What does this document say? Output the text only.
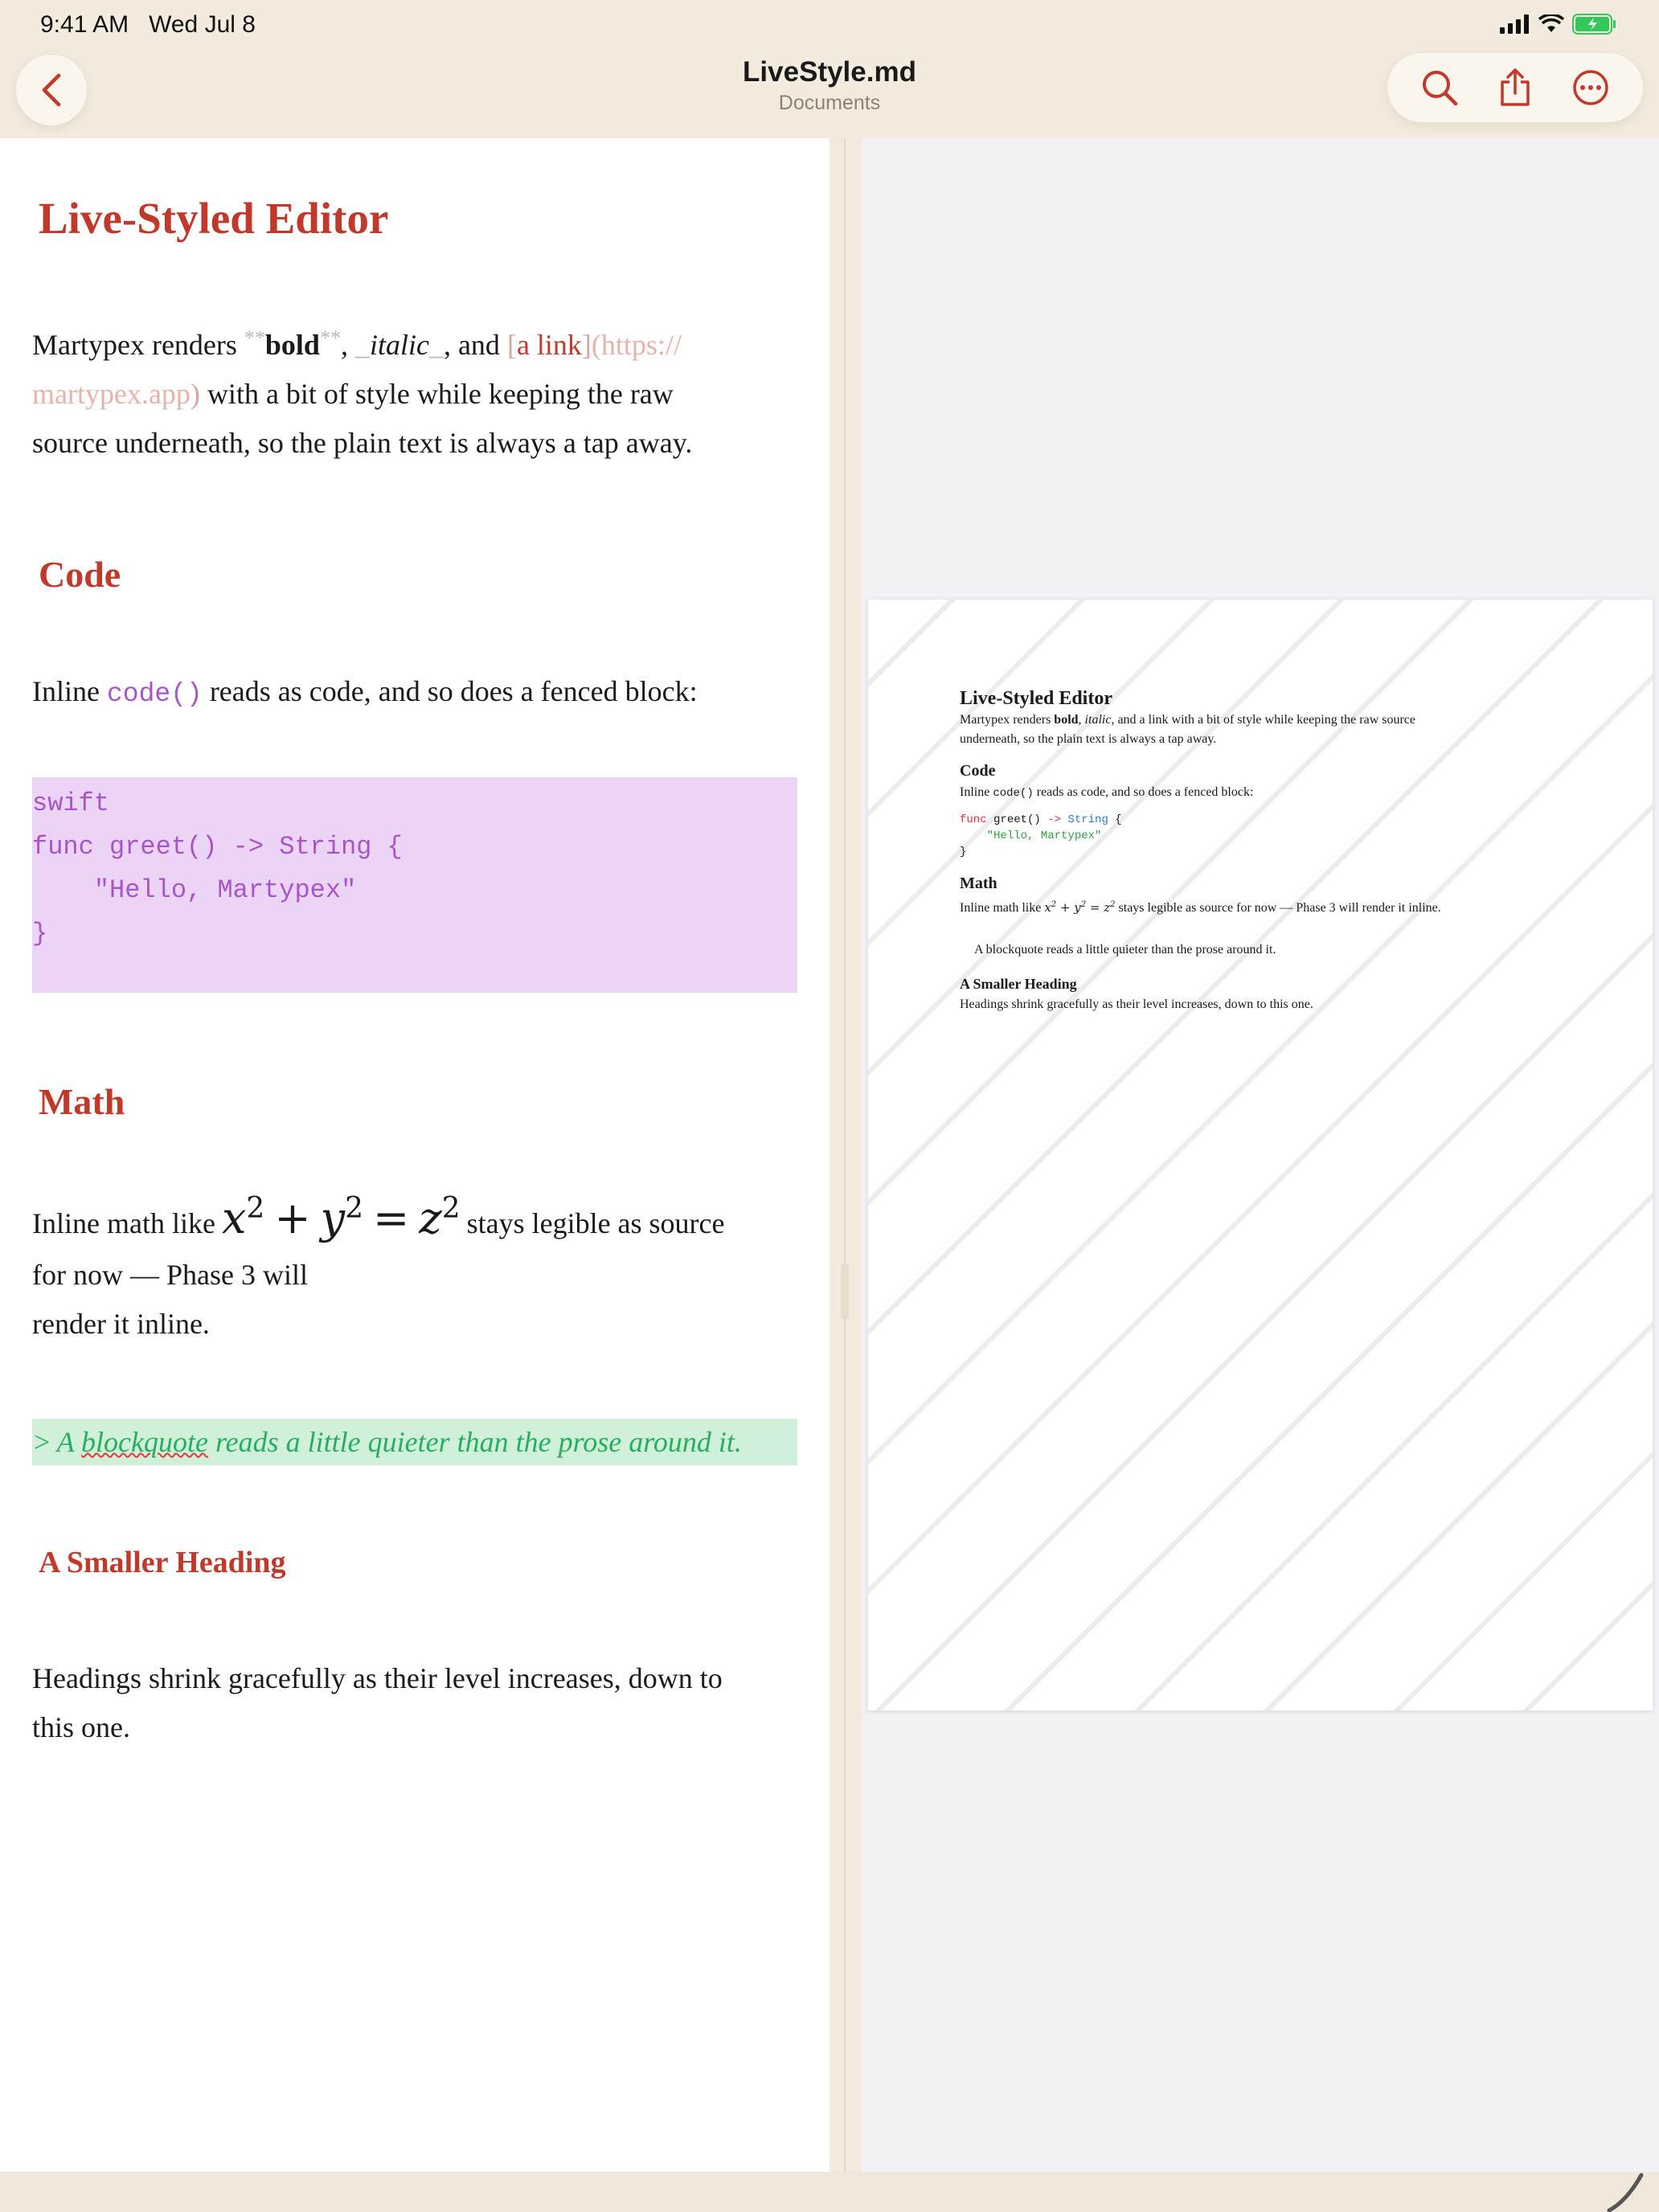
9:41 AM Wed Jul 8
LiveStyle.md
Documents
Live-Styled Editor
Martypex renders **bold**, _italic_, and [a link](https://
martypex.app) with a bit of style while keeping the raw
source underneath, so the plain text is always a tap away.
Code
Inline code() reads as code, and so does a fenced block:
swift
func greet() -> String {
"Hello, Martypex"
}
Math
Inline math like $x^2 + y^2 = z^2$ stays legible as source
for now — Phase 3 will
render it inline.
> A blockquote reads a little quieter than the prose around it.
A Smaller Heading
Headings shrink gracefully as their level increases, down to
this one.
Live-Styled Editor
Martypex renders bold, italic, and a link with a bit of style while keeping the raw source
underneath, so the plain text is always a tap away.
Code
Inline code() reads as code, and so does a fenced block:
func greet() -> String {
"Hello, Martypex"
}
Math
Inline math like $x^2 + y^2 = z^2$ stays legible as source for now — Phase 3 will render it inline.
A blockquote reads a little quieter than the prose around it.
A Smaller Heading
Headings shrink gracefully as their level increases, down to this one.
